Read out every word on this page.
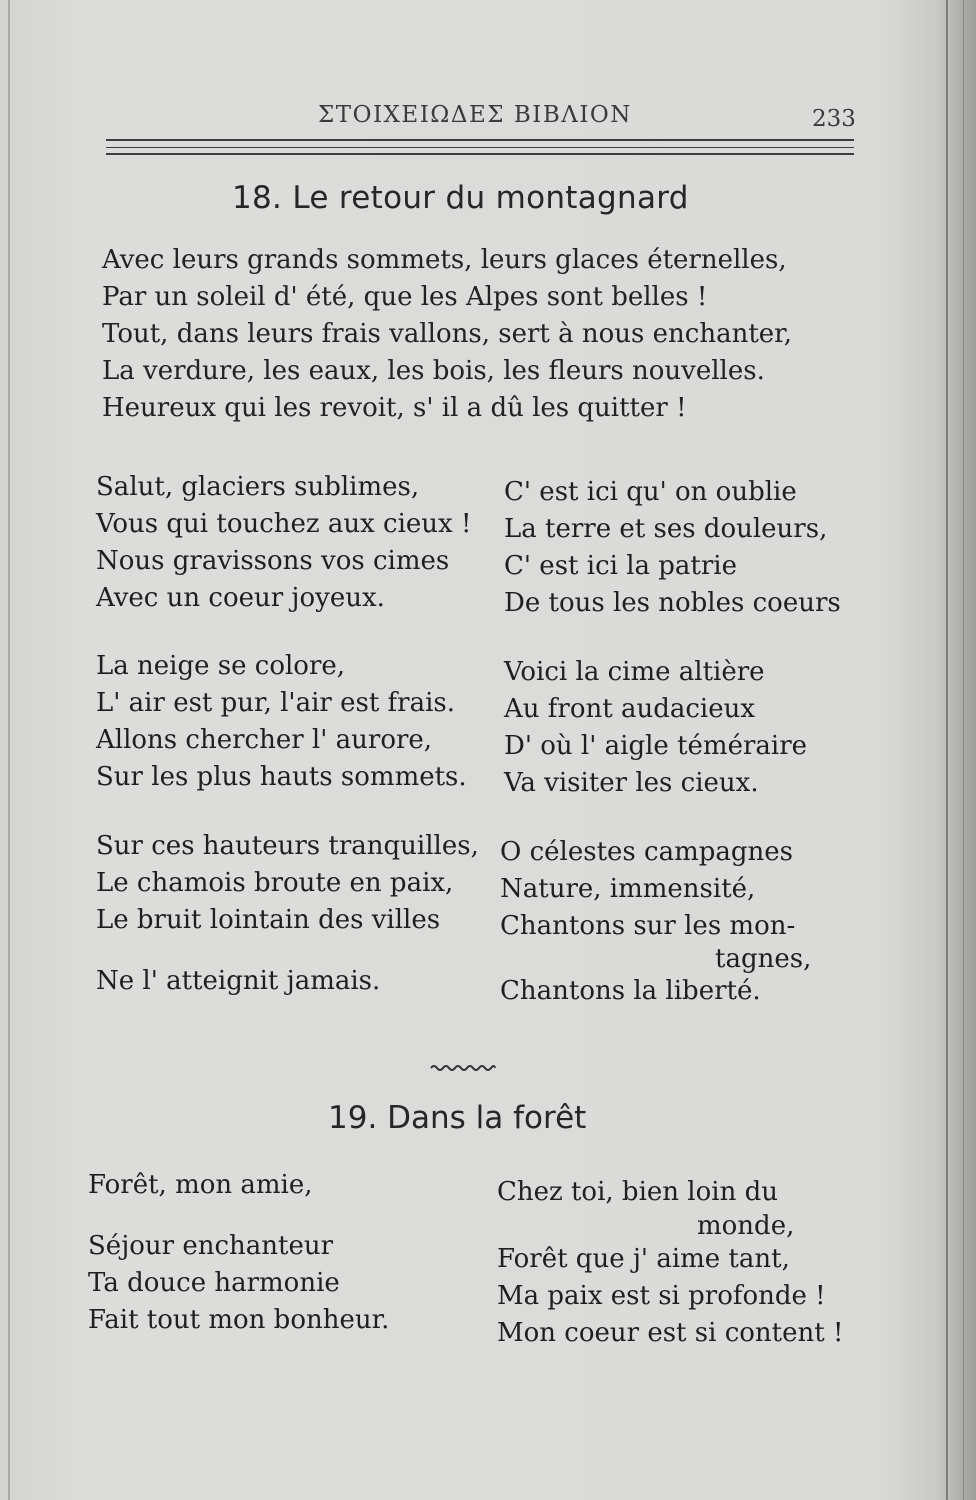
ΣΤΟΙΧΕΙΩΔΕΣ ΒΙΒΛΙΟΝ	233
18. Le retour du montagnard
Avec leurs grands sommets, leurs glaces éternelles,
Par un soleil d' été, que les Alpes sont belles !
Tout, dans leurs frais vallons, sert à nous enchanter,
La verdure, les eaux, les bois, les fleurs nouvelles.
Heureux qui les revoit, s' il a dû les quitter !
Salut, glaciers sublimes,
Vous qui touchez aux cieux !
Nous gravissons vos cimes
Avec un coeur joyeux.
C' est ici qu' on oublie
La terre et ses douleurs,
C' est ici la patrie
De tous les nobles coeurs
La neige se colore,
L' air est pur, l'air est frais.
Allons chercher l' aurore,
Sur les plus hauts sommets.
Voici la cime altière
Au front audacieux
D' où l' aigle téméraire
Va visiter les cieux.
Sur ces hauteurs tranquilles,
Le chamois broute en paix,
Le bruit lointain des villes
Ne l' atteignit jamais.
O célestes campagnes
Nature, immensité,
Chantons sur les mon-
tagnes,
Chantons la liberté.
19. Dans la forêt
Forêt, mon amie,
Séjour enchanteur
Ta douce harmonie
Fait tout mon bonheur.
Chez toi, bien loin du
monde,
Forêt que j' aime tant,
Ma paix est si profonde !
Mon coeur est si content !
